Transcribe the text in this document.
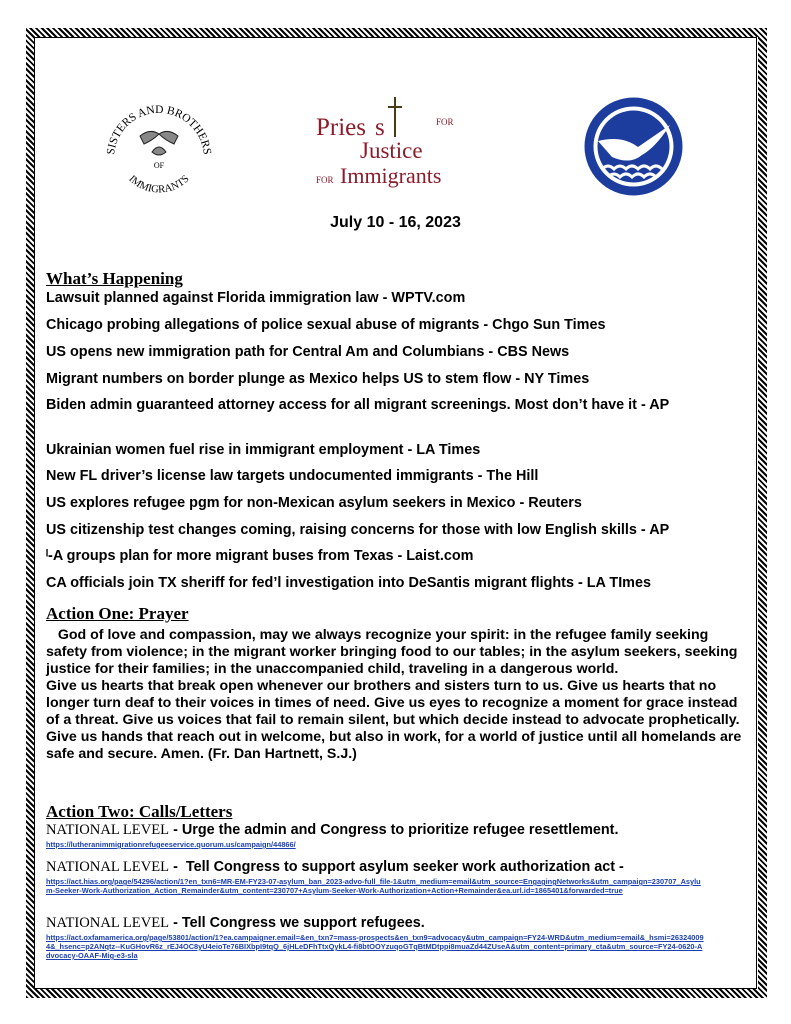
SISTERS AND BROTHERS
IMMIGRANTS
OF
Pries s	FOR
Justice
FOR Immigrants
July 10 - 16, 2023
What’s Happening
Lawsuit planned against Florida immigration law - WPTV.com
Chicago probing allegations of police sexual abuse of migrants - Chgo Sun Times
US opens new immigration path for Central Am and Columbians - CBS News
Migrant numbers on border plunge as Mexico helps US to stem flow - NY Times
Biden admin guaranteed attorney access for all migrant screenings. Most don’t have it - AP
Ukrainian women fuel rise in immigrant employment - LA Times
New FL driver’s license law targets undocumented immigrants - The Hill
US explores refugee pgm for non-Mexican asylum seekers in Mexico - Reuters
US citizenship test changes coming, raising concerns for those with low English skills - AP
ˡ-A groups plan for more migrant buses from Texas - Laist.com
CA officials join TX sheriff for fed’l investigation into DeSantis migrant flights - LA TImes
Action One: Prayer

God of love and compassion, may we always recognize your spirit: in the refugee family seeking safety from violence; in the migrant worker bringing food to our tables; in the asylum seekers, seeking justice for their families; in the unaccompanied child, traveling in a dangerous world.

Give us hearts that break open whenever our brothers and sisters turn to us. Give us hearts that no longer turn deaf to their voices in times of need. Give us eyes to recognize a moment for grace instead of a threat. Give us voices that fail to remain silent, but which decide instead to advocate prophetically. Give us hands that reach out in welcome, but also in work, for a world of justice until all homelands are safe and secure. Amen. (Fr. Dan Hartnett, S.J.)

Action Two: Calls/Letters
NATIONAL LEVEL - Urge the admin and Congress to prioritize refugee resettlement.
https://lutheranimmigrationrefugeeservice.quorum.us/campaign/44866/
NATIONAL LEVEL -  Tell Congress to support asylum seeker work authorization act -
https://act.hias.org/page/54296/action/1?en_txn6=MR-EM-FY23-07-asylum_ban_2023-advo-full_file-1&utm_medium=email&utm_source=EngagingNetworks&utm_campaign=230707_Asylum-Seeker-Work-Authorization_Action_Remainder&utm_content=230707+Asylum-Seeker-Work-Authorization+Action+Remainder&ea.url.id=1865401&forwarded=true
NATIONAL LEVEL - Tell Congress we support refugees.
https://act.oxfamamerica.org/page/53801/action/1?ea.campaigner.email=&en_txn7=mass-prospects&en_txn9=advocacy&utm_campaign=FY24-WRD&utm_medium=email&_hsmi=263240094&_hsenc=p2ANqtz--KuGHovR6z_rEJ4OC8yU4eioTe76BIXbpI9tqQ_6jHLeDFhTtxQykL4-fi8btOOYzuqoGTqBtMDtppi8muaZd44ZUseA&utm_content=primary_cta&utm_source=FY24-0620-Advocacy-OAAF-Mig-e3-sla
